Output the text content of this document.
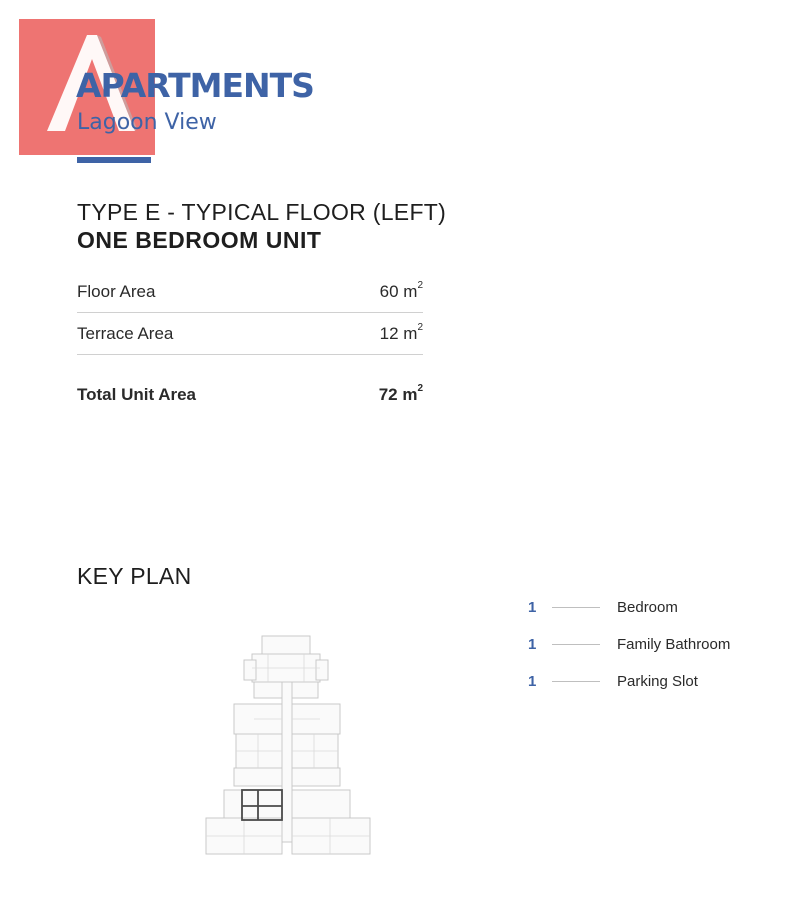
APARTMENTS
Lagoon View
TYPE E - TYPICAL FLOOR (LEFT)
ONE BEDROOM UNIT
Floor Area	60 $m^2$
Terrace Area	12 $m^2$
Total Unit Area	72 $m^2$
KEY PLAN
1	Bedroom
1	Family Bathroom
1	Parking Slot
